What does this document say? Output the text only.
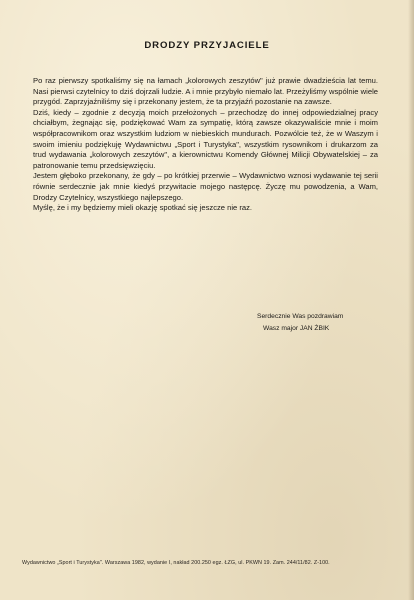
DRODZY PRZYJACIELE

Po raz pierwszy spotkaliśmy się na łamach „kolorowych zeszytów" już prawie dwadzieścia lat temu. Nasi pierwsi czytelnicy to dziś dojrzali ludzie. A i mnie przybyło niemało lat. Przeżyliśmy wspólnie wiele przygód. Zaprzyjaźniliśmy się i przekonany jestem, że ta przyjaźń pozostanie na zawsze.

Dziś, kiedy – zgodnie z decyzją moich przełożonych – przechodzę do innej odpowiedzialnej pracy chciałbym, żegnając się, podziękować Wam za sympatię, którą zawsze okazywaliście mnie i moim współpracownikom oraz wszystkim ludziom w niebieskich mundurach. Pozwólcie też, że w Waszym i swoim imieniu podziękuję Wydawnictwu „Sport i Turystyka", wszystkim rysownikom i drukarzom za trud wydawania „kolorowych zeszytów", a kierownictwu Komendy Głównej Milicji Obywatelskiej – za patronowanie temu przedsięwzięciu.

Jestem głęboko przekonany, że gdy – po krótkiej przerwie – Wydawnictwo wznosi wydawanie tej serii równie serdecznie jak mnie kiedyś przywitacie mojego następcę. Życzę mu powodzenia, a Wam, Drodzy Czytelnicy, wszystkiego najlepszego.

Myślę, że i my będziemy mieli okazję spotkać się jeszcze nie raz.

Serdecznie Was pozdrawiam
Wasz major JAN ŻBIK
Wydawnictwo „Sport i Turystyka". Warszawa 1982, wydanie I, nakład 200.250 egz. ŁZG, ul. PKWN 19. Zam. 244/11/82. Z-100.
